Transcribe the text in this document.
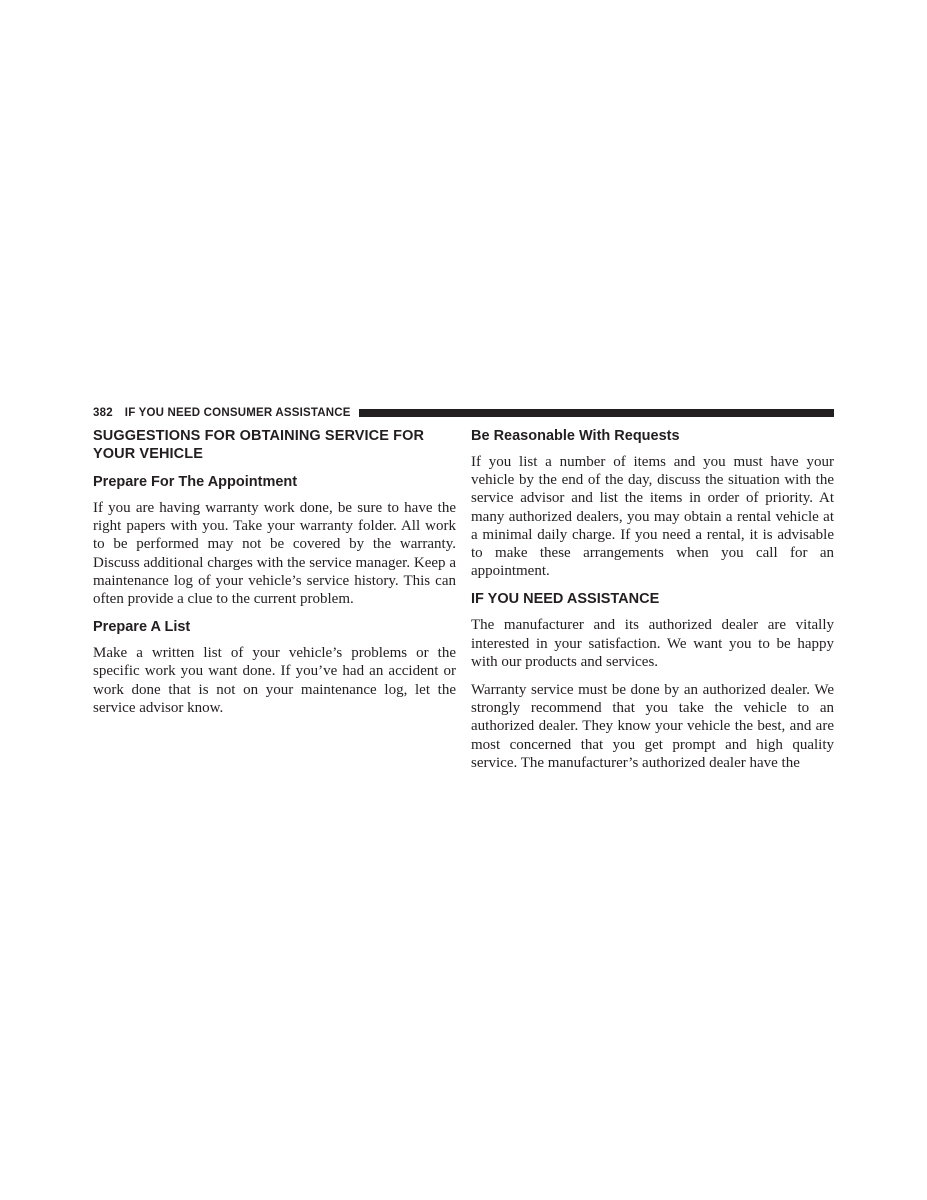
382 IF YOU NEED CONSUMER ASSISTANCE
SUGGESTIONS FOR OBTAINING SERVICE FOR
YOUR VEHICLE
Prepare For The Appointment

If you are having warranty work done, be sure to have the right papers with you. Take your warranty folder. All work to be performed may not be covered by the warranty. Discuss additional charges with the service manager. Keep a maintenance log of your vehicle’s service history. This can often provide a clue to the current problem.

Prepare A List

Make a written list of your vehicle’s problems or the specific work you want done. If you’ve had an accident or work done that is not on your maintenance log, let the service advisor know.

Be Reasonable With Requests

If you list a number of items and you must have your vehicle by the end of the day, discuss the situation with the service advisor and list the items in order of priority. At many authorized dealers, you may obtain a rental vehicle at a minimal daily charge. If you need a rental, it is advisable to make these arrangements when you call for an appointment.

IF YOU NEED ASSISTANCE

The manufacturer and its authorized dealer are vitally interested in your satisfaction. We want you to be happy with our products and services.

Warranty service must be done by an authorized dealer. We strongly recommend that you take the vehicle to an authorized dealer. They know your vehicle the best, and are most concerned that you get prompt and high quality service. The manufacturer’s authorized dealer have the
